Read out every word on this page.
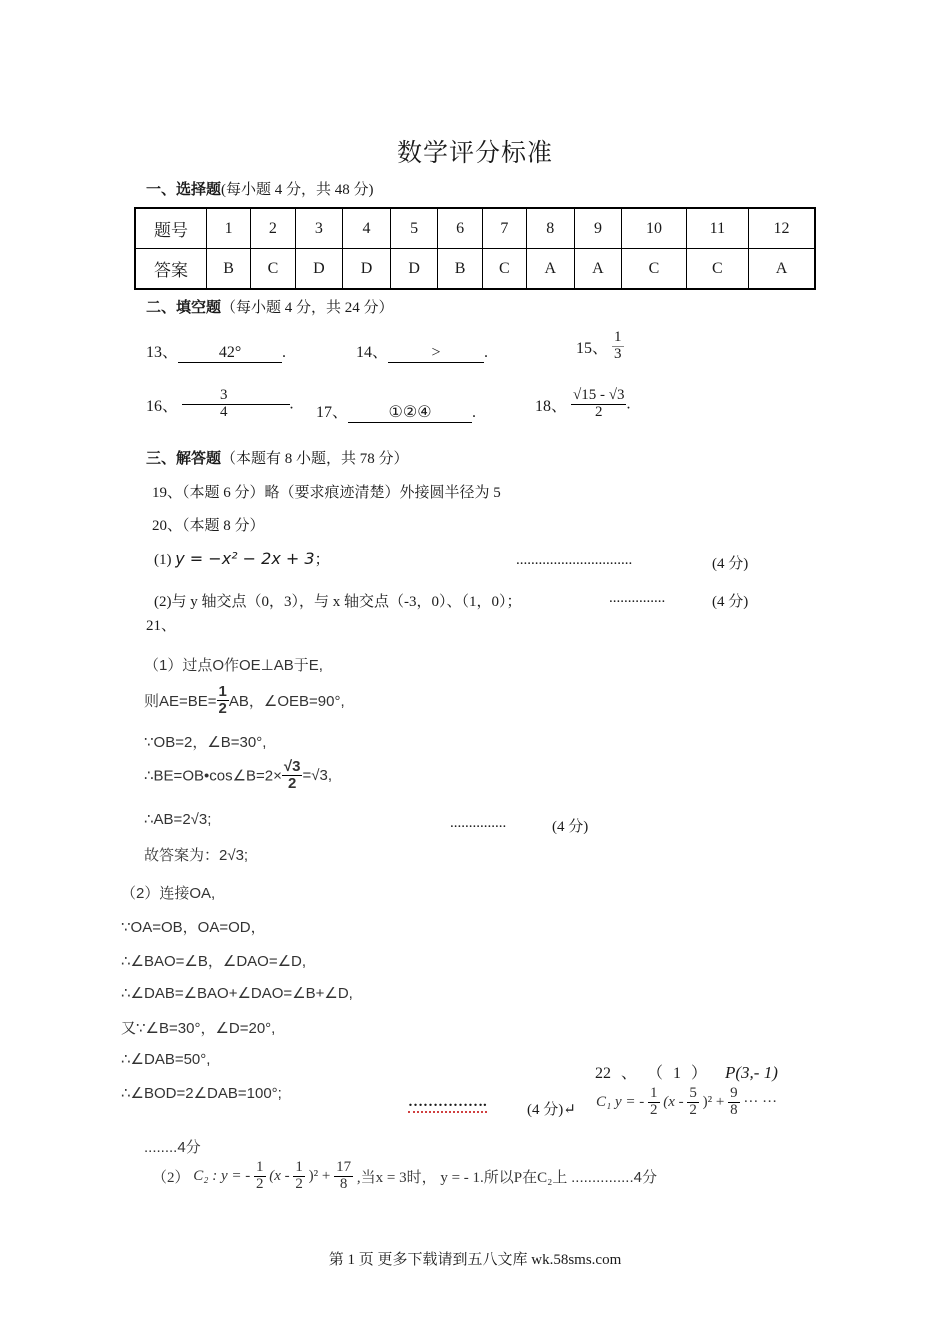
数学评分标准
一、选择题(每小题 4 分，共 48 分)
题号	1	2	3	4	5	6	7	8	9	10	11	12
答案	B	C	D	D	D	B	C	A	A	C	C	A
二、填空题（每小题 4 分，共 24 分）
13、	42°	.	14、	>	.	15、 $\frac{1}{3}$
16、	$\frac{3}{4}$	.
17、	①②④	.	18、 $\frac{√15 - √3}{2}$ .
三、解答题（本题有 8 小题，共 78 分）
19、（本题 6 分）略（要求痕迹清楚）外接圆半径为 5
20、（本题 8 分）
(1) y = −x² − 2x + 3；	...............................	(4 分)
(2)与 y 轴交点（0，3），与 x 轴交点（-3，0）、（1，0）；	...............	(4 分)
21、
（1）过点O作OE⊥AB于E,
则$AE=BE= \frac{1}{2}$ AB，∠OEB=90°,
∵OB=2，∠B=30°,
∴BE=OB•cos∠B=2× $\frac{√3}{2} =√3$,
∴AB=2√3;	...............	(4 分)
故答案为：2√3;
（2）连接OA,
∵OA=OB，OA=OD，
∴∠BAO=∠B，∠DAO=∠D,
∴∠DAB=∠BAO+∠DAO=∠B+∠D,
又∵∠B=30°，∠D=20°,
∴∠DAB=50°,
∴∠BOD=2∠DAB=100°;
22 、 （ 1 ） P(3,- 1)
…………….	(4 分)↵
C₁ y = - $\frac{1}{2} (x - \frac{5}{2} )^2 + \frac{9}{8}$ ··· ···
........4分
（2） C₂ : y = - $\frac{1}{2} (x - \frac{1}{2} )^2 + \frac{17}{8}$ ,当x = 3时， y = - 1.所以P在C₂上 ...............4分
第 1 页 更多下载请到五八文库 wk.58sms.com
